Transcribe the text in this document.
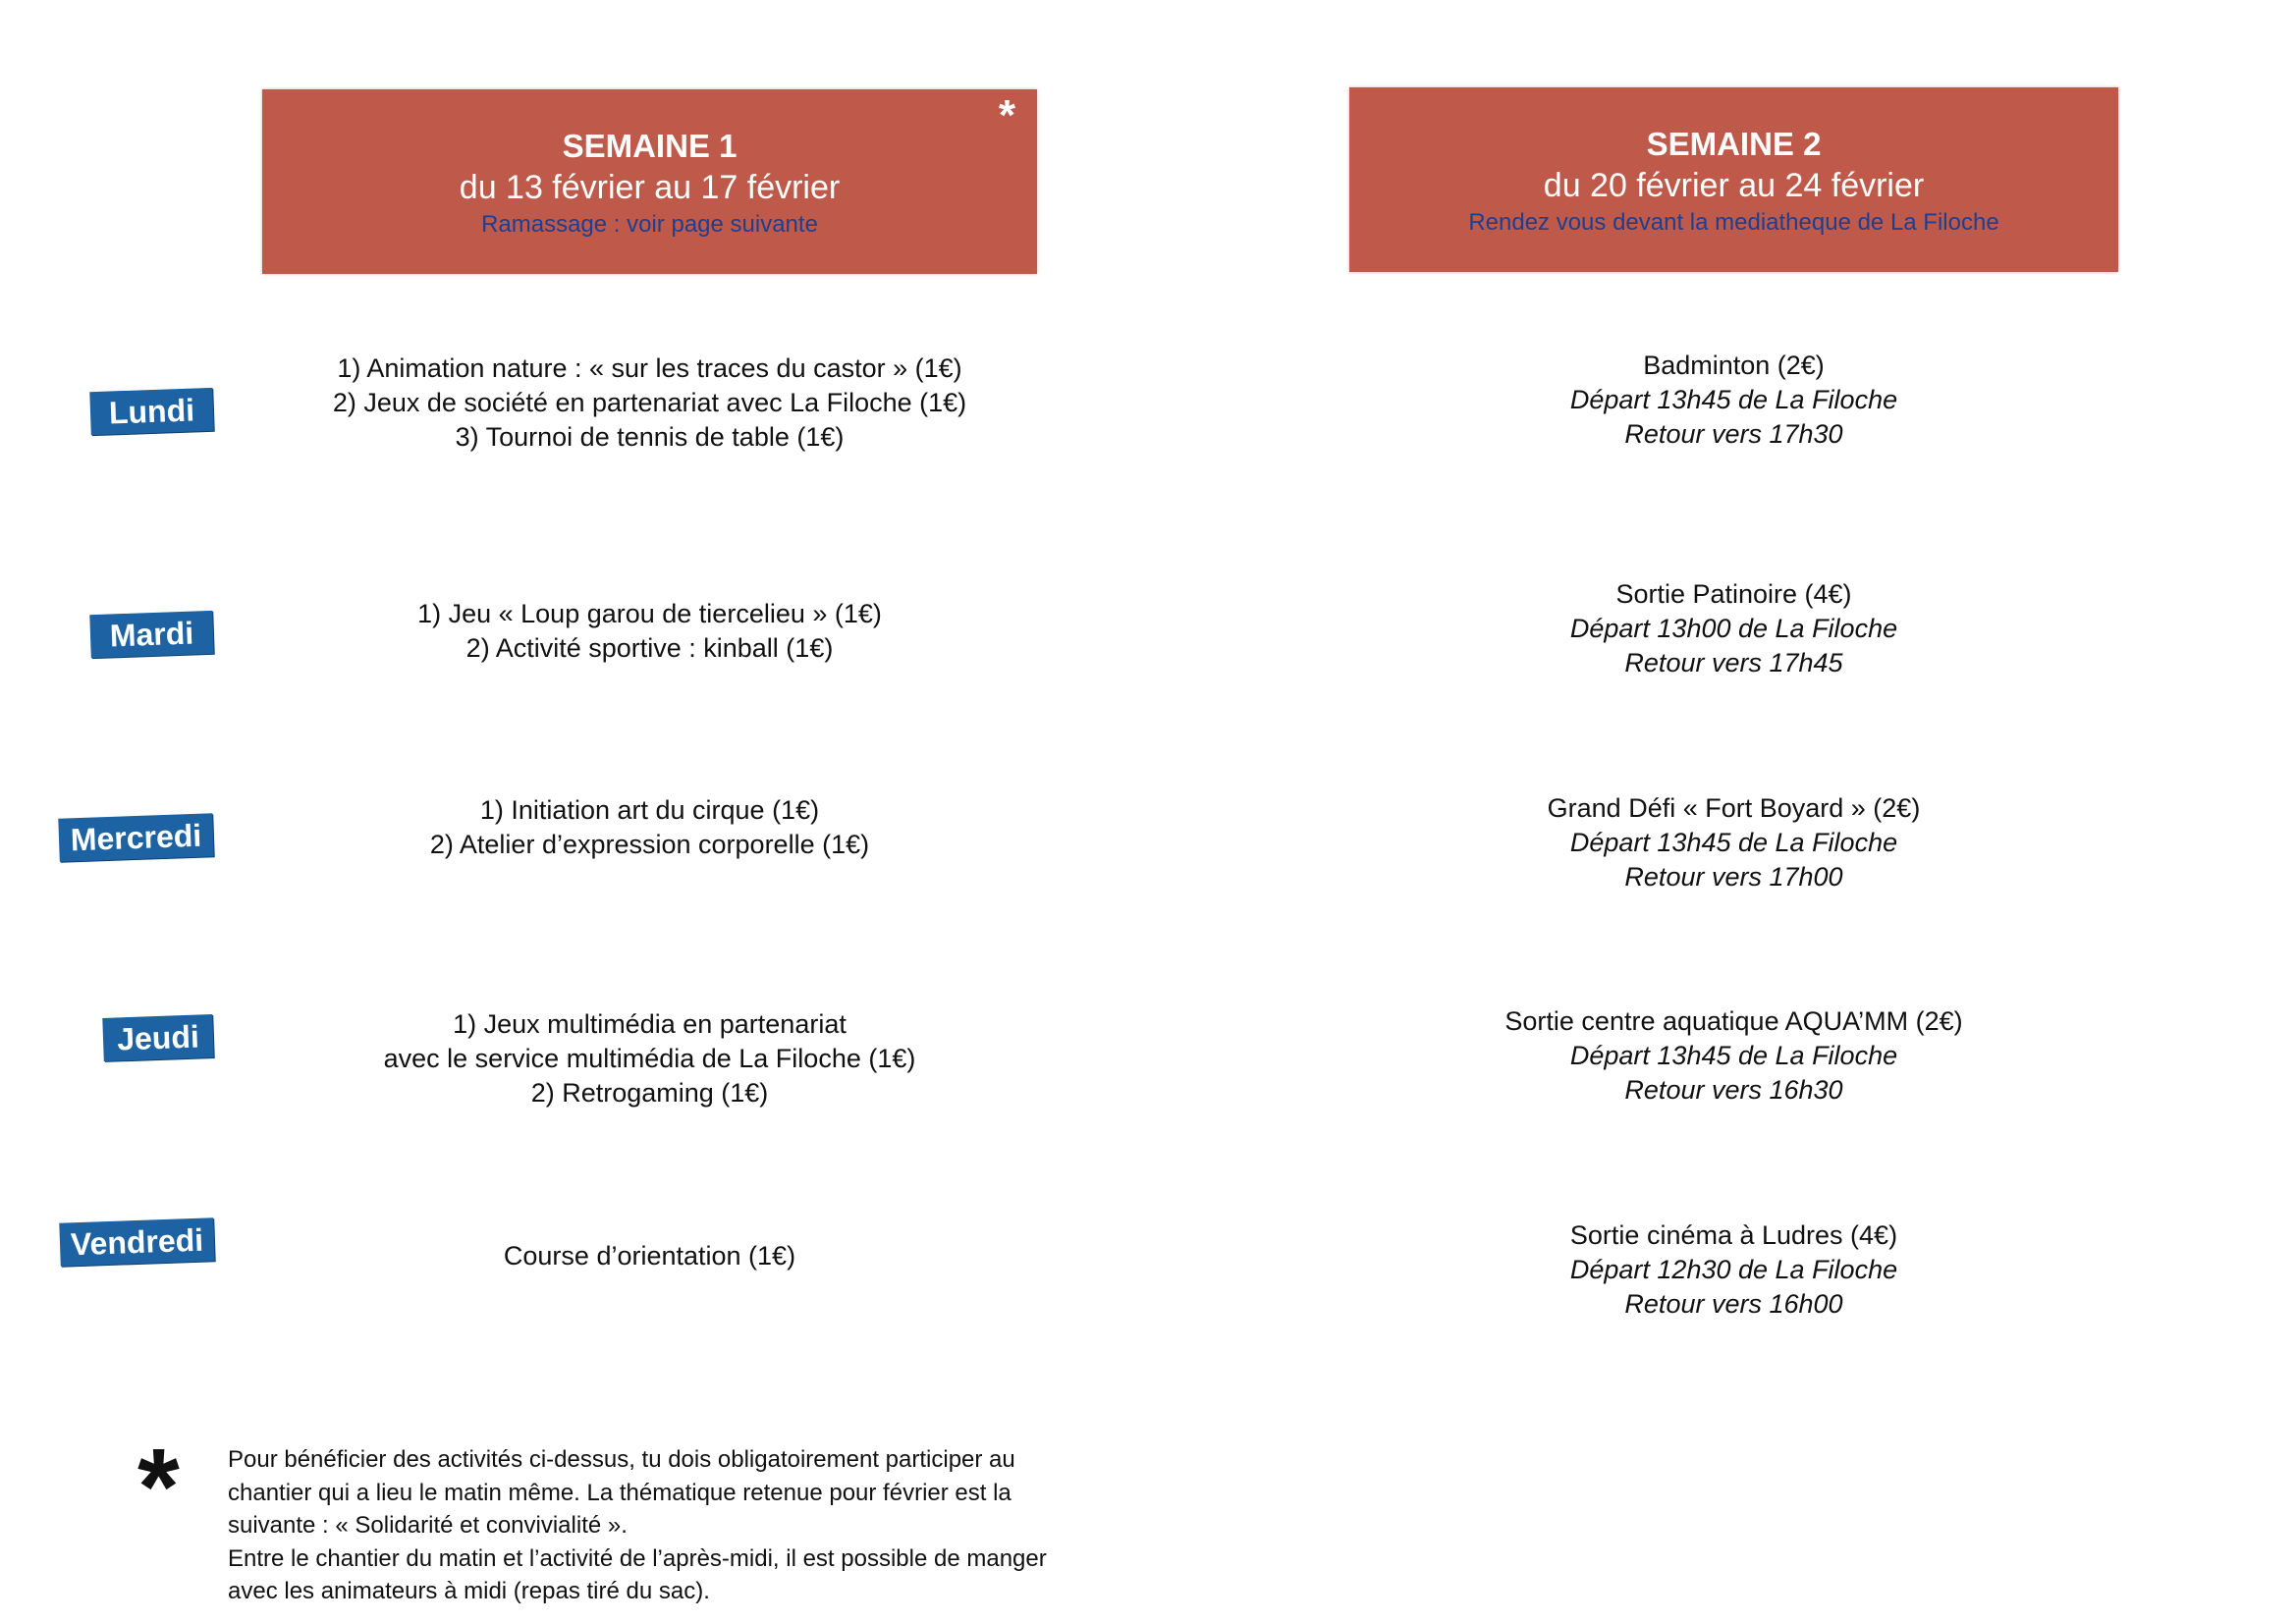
SEMAINE 1
du 13 février au 17 février
Ramassage : voir page suivante
*
SEMAINE 2
du 20 février au 24 février
Rendez vous devant la mediatheque de La Filoche
Lundi
1) Animation nature : « sur les traces du castor » (1€)
2) Jeux de société en partenariat avec La Filoche (1€)
3) Tournoi de tennis de table (1€)
Badminton (2€)
Départ 13h45 de La Filoche
Retour vers 17h30
Mardi
1) Jeu « Loup garou de tiercelieu » (1€)
2) Activité sportive : kinball (1€)
Sortie Patinoire (4€)
Départ 13h00 de La Filoche
Retour vers 17h45
Mercredi
1) Initiation art du cirque (1€)
2) Atelier d’expression corporelle (1€)
Grand Défi « Fort Boyard » (2€)
Départ 13h45 de La Filoche
Retour vers 17h00
Jeudi	1) Jeux multimédia en partenariat
avec le service multimédia de La Filoche (1€)
2) Retrogaming (1€)
Sortie centre aquatique AQUA’MM (2€)
Départ 13h45 de La Filoche
Retour vers 16h30
Vendredi	Course d’orientation (1€)
Sortie cinéma à Ludres (4€)
Départ 12h30 de La Filoche
Retour vers 16h00
* Pour bénéficier des activités ci-dessus, tu dois obligatoirement participer au
chantier qui a lieu le matin même. La thématique retenue pour février est la
suivante : « Solidarité et convivialité ».
Entre le chantier du matin et l’activité de l’après-midi, il est possible de manger
avec les animateurs à midi (repas tiré du sac).
